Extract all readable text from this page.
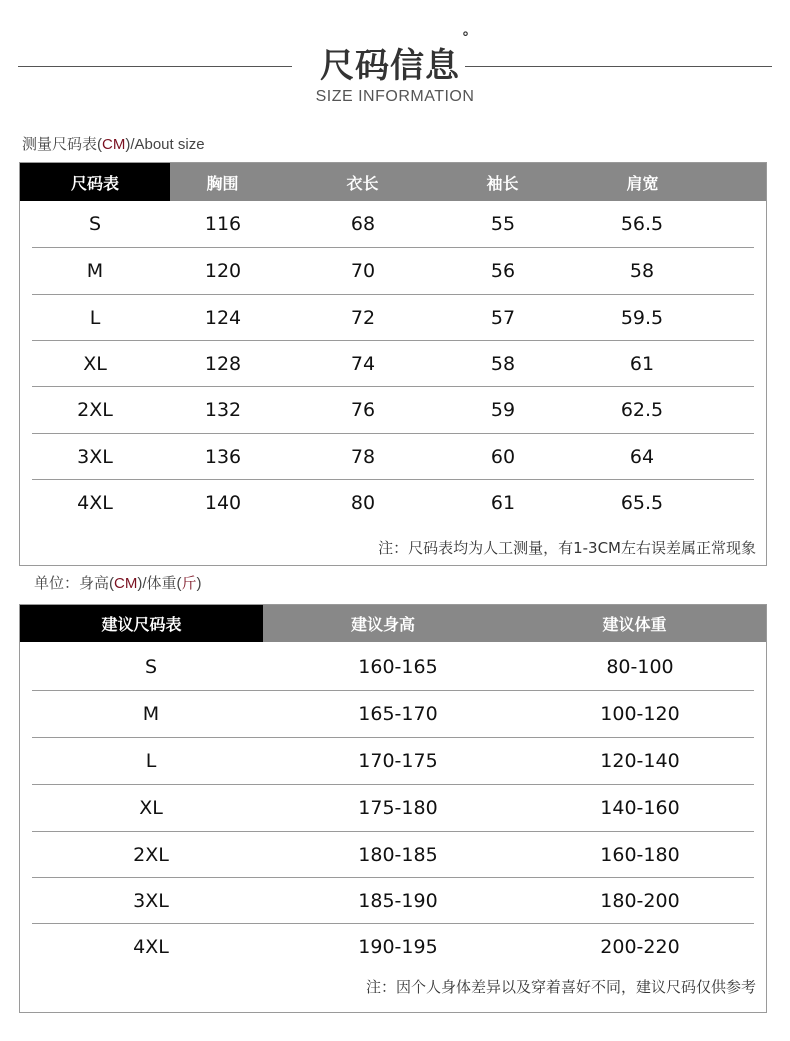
尺码信息°
SIZE INFORMATION
测量尺码表(CM)/About size
尺码表	胸围	衣长	袖长	肩宽
S	116	68	55	56.5
M	120	70	56	58
L	124	72	57	59.5
XL	128	74	58	61
2XL	132	76	59	62.5
3XL	136	78	60	64
4XL	140	80	61	65.5
注：尺码表均为人工测量，有1-3CM左右误差属正常现象
单位：身高(CM)/体重(斤)
建议尺码表	建议身高	建议体重
S	160-165	80-100
M	165-170	100-120
L	170-175	120-140
XL	175-180	140-160
2XL	180-185	160-180
3XL	185-190	180-200
4XL	190-195	200-220
注：因个人身体差异以及穿着喜好不同，建议尺码仅供参考
